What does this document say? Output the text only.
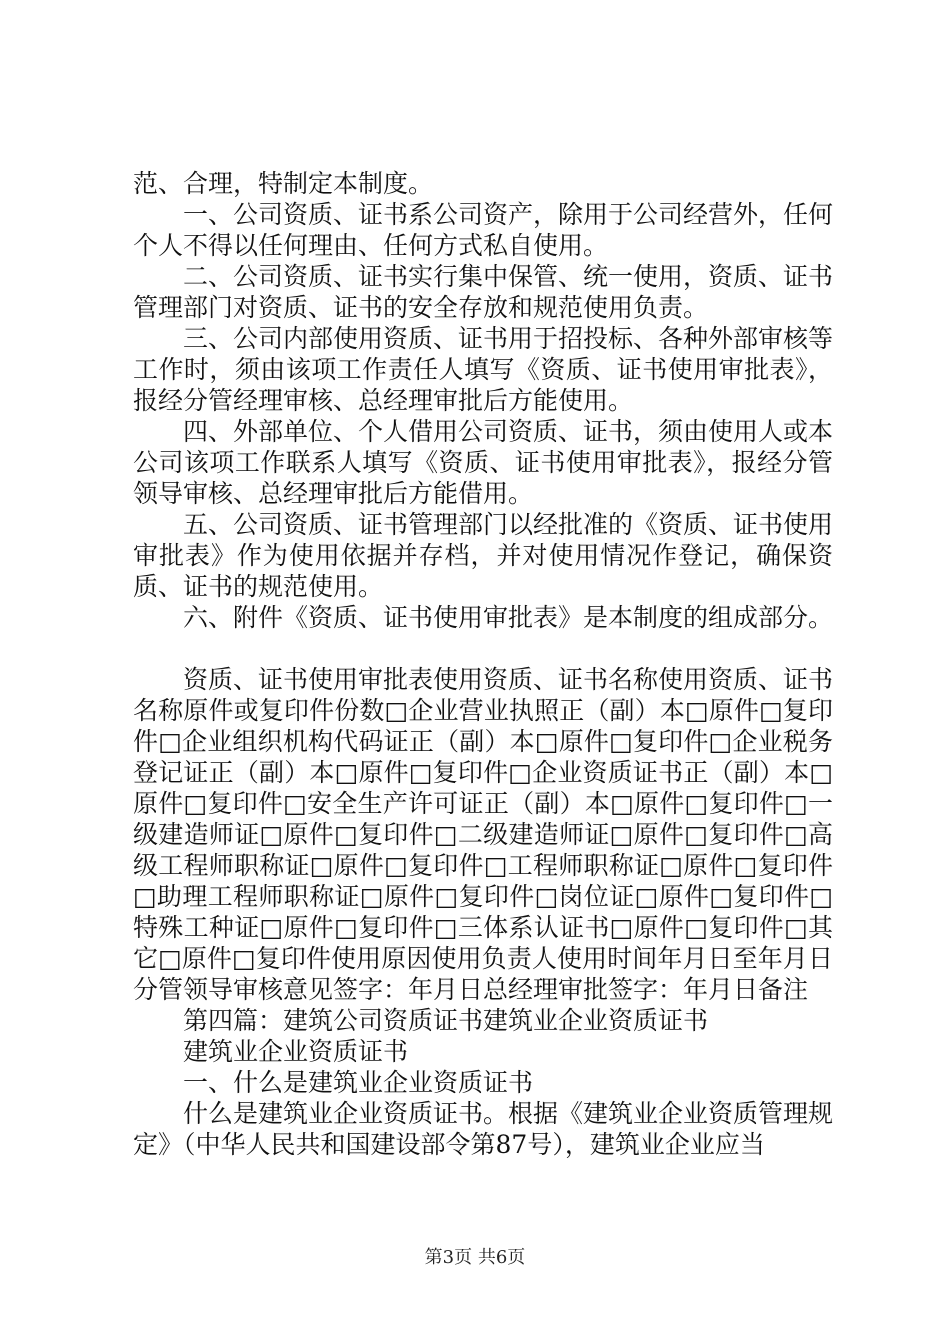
范、合理，特制定本制度。

一、公司资质、证书系公司资产，除用于公司经营外，任何个人不得以任何理由、任何方式私自使用。

二、公司资质、证书实行集中保管、统一使用，资质、证书管理部门对资质、证书的安全存放和规范使用负责。

三、公司内部使用资质、证书用于招投标、各种外部审核等工作时，须由该项工作责任人填写《资质、证书使用审批表》，报经分管经理审核、总经理审批后方能使用。

四、外部单位、个人借用公司资质、证书，须由使用人或本公司该项工作联系人填写《资质、证书使用审批表》，报经分管领导审核、总经理审批后方能借用。

五、公司资质、证书管理部门以经批准的《资质、证书使用审批表》作为使用依据并存档，并对使用情况作登记，确保资质、证书的规范使用。

六、附件《资质、证书使用审批表》是本制度的组成部分。

资质、证书使用审批表使用资质、证书名称使用资质、证书名称原件或复印件份数□企业营业执照正（副）本□原件□复印件□企业组织机构代码证正（副）本□原件□复印件□企业税务登记证正（副）本□原件□复印件□企业资质证书正（副）本□原件□复印件□安全生产许可证正（副）本□原件□复印件□一级建造师证□原件□复印件□二级建造师证□原件□复印件□高级工程师职称证□原件□复印件□工程师职称证□原件□复印件□助理工程师职称证□原件□复印件□岗位证□原件□复印件□特殊工种证□原件□复印件□三体系认证书□原件□复印件□其它□原件□复印件使用原因使用负责人使用时间年月日至年月日分管领导审核意见签字：年月日总经理审批签字：年月日备注

第四篇：建筑公司资质证书建筑业企业资质证书

建筑业企业资质证书

一、什么是建筑业企业资质证书

什么是建筑业企业资质证书。根据《建筑业企业资质管理规定》（中华人民共和国建设部令第87号），建筑业企业应当

第3页 共6页
